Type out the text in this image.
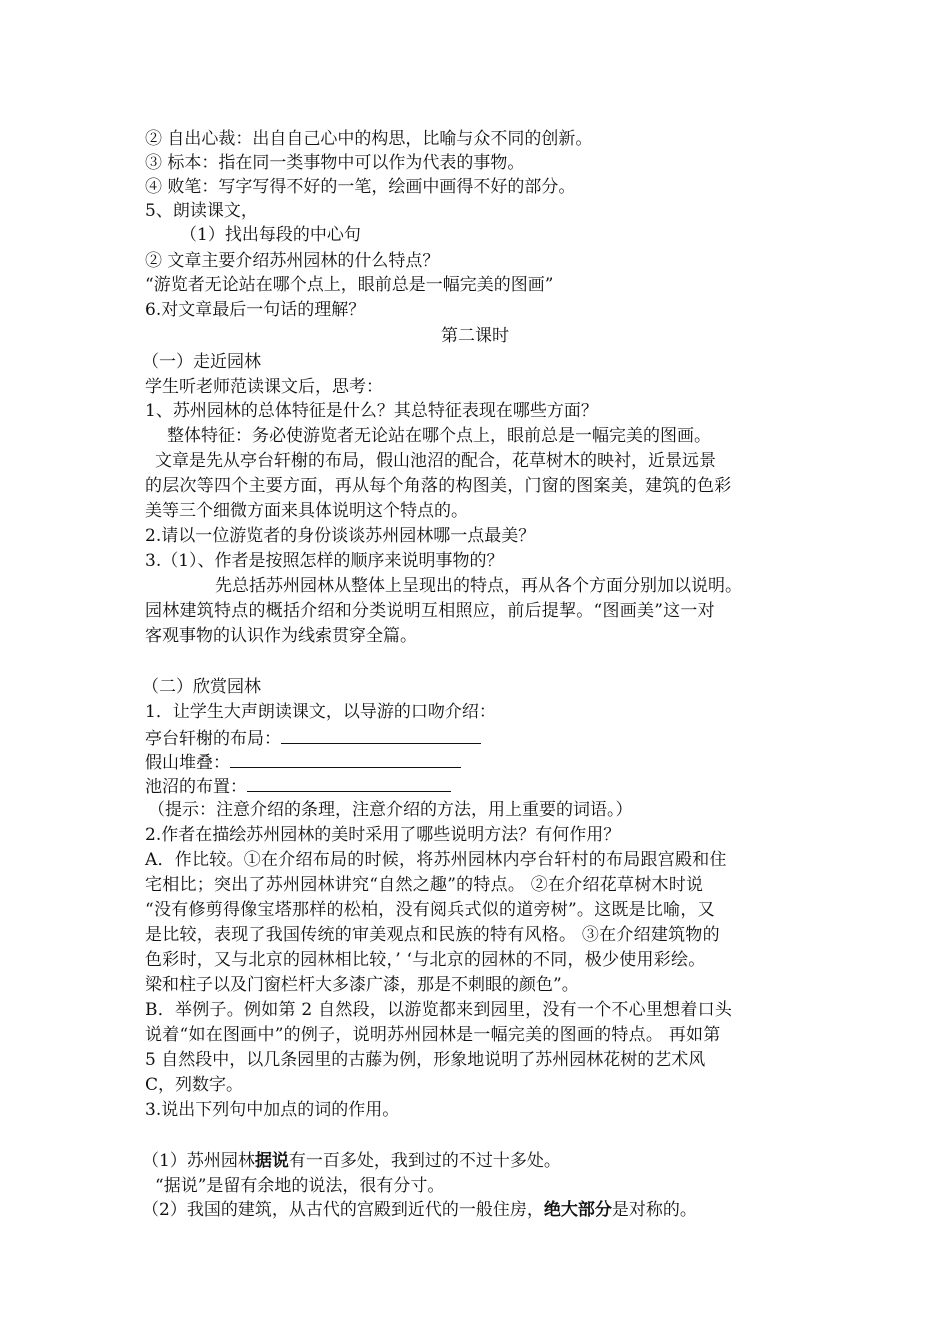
② 自出心裁：出自自己心中的构思，比喻与众不同的创新。
③ 标本：指在同一类事物中可以作为代表的事物。
④ 败笔：写字写得不好的一笔，绘画中画得不好的部分。
5、朗读课文，
（1）找出每段的中心句
② 文章主要介绍苏州园林的什么特点？
“游览者无论站在哪个点上，眼前总是一幅完美的图画”
6.对文章最后一句话的理解？
第二课时
（一）走近园林
学生听老师范读课文后，思考：
1、苏州园林的总体特征是什么？其总特征表现在哪些方面？
整体特征：务必使游览者无论站在哪个点上，眼前总是一幅完美的图画。
文章是先从亭台轩榭的布局，假山池沼的配合，花草树木的映衬，近景远景
的层次等四个主要方面，再从每个角落的构图美，门窗的图案美，建筑的色彩
美等三个细微方面来具体说明这个特点的。
2.请以一位游览者的身份谈谈苏州园林哪一点最美？
3.（1）、作者是按照怎样的顺序来说明事物的？
先总括苏州园林从整体上呈现出的特点，再从各个方面分别加以说明。
园林建筑特点的概括介绍和分类说明互相照应，前后提挈。“图画美”这一对
客观事物的认识作为线索贯穿全篇。
（二）欣赏园林
1．让学生大声朗读课文，以导游的口吻介绍：
亭台轩榭的布局：
假山堆叠：
池沼的布置：
（提示：注意介绍的条理，注意介绍的方法，用上重要的词语。）
2.作者在描绘苏州园林的美时采用了哪些说明方法？有何作用？
A．作比较。①在介绍布局的时候，将苏州园林内亭台轩村的布局跟宫殿和住
宅相比；突出了苏州园林讲究“自然之趣”的特点。 ②在介绍花草树木时说
“没有修剪得像宝塔那样的松柏，没有阅兵式似的道旁树”。这既是比喻，又
是比较，表现了我国传统的审美观点和民族的特有风格。 ③在介绍建筑物的
色彩时，又与北京的园林相比较，’ ‘与北京的园林的不同，极少使用彩绘。
梁和柱子以及门窗栏杆大多漆广漆，那是不刺眼的颜色”。
B．举例子。例如第 2 自然段，以游览都来到园里，没有一个不心里想着口头
说着“如在图画中”的例子，说明苏州园林是一幅完美的图画的特点。 再如第
5 自然段中，以几条园里的古藤为例，形象地说明了苏州园林花树的艺术风
C，列数字。
3.说出下列句中加点的词的作用。
（1）苏州园林据说有一百多处，我到过的不过十多处。
“据说”是留有余地的说法，很有分寸。
（2）我国的建筑，从古代的宫殿到近代的一般住房，绝大部分是对称的。
